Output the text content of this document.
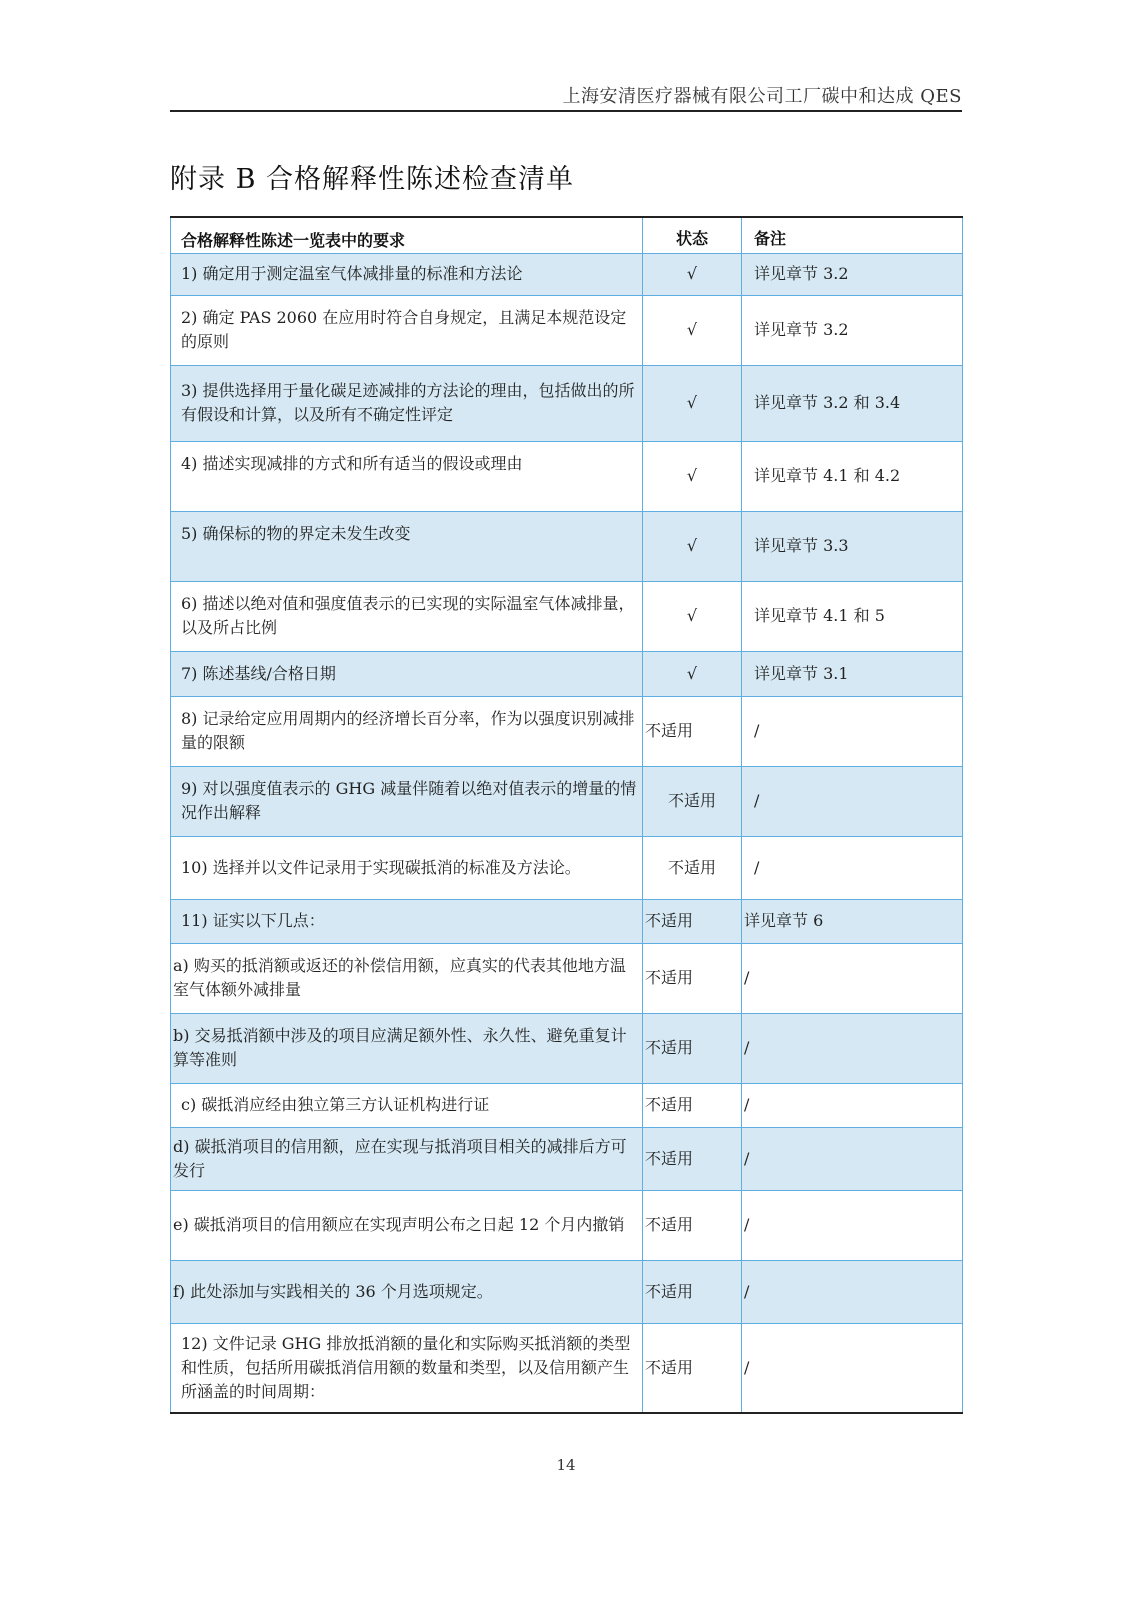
上海安清医疗器械有限公司工厂碳中和达成 QES
附录 B 合格解释性陈述检查清单
合格解释性陈述一览表中的要求	状态	备注
1) 确定用于测定温室气体减排量的标准和方法论	√	详见章节 3.2
2) 确定 PAS 2060 在应用时符合自身规定，且满足本规范设定的原则	√	详见章节 3.2
3) 提供选择用于量化碳足迹减排的方法论的理由，包括做出的所有假设和计算，以及所有不确定性评定	√	详见章节 3.2 和 3.4
4) 描述实现减排的方式和所有适当的假设或理由	√	详见章节 4.1 和 4.2
5) 确保标的物的界定未发生改变	√	详见章节 3.3
6) 描述以绝对值和强度值表示的已实现的实际温室气体减排量，以及所占比例	√	详见章节 4.1 和 5
7) 陈述基线/合格日期	√	详见章节 3.1
8) 记录给定应用周期内的经济增长百分率，作为以强度识别减排量的限额	不适用	/
9) 对以强度值表示的 GHG 减量伴随着以绝对值表示的增量的情况作出解释	不适用	/
10) 选择并以文件记录用于实现碳抵消的标准及方法论。	不适用	/
11) 证实以下几点：	不适用	详见章节 6
a) 购买的抵消额或返还的补偿信用额，应真实的代表其他地方温室气体额外减排量	不适用	/
b) 交易抵消额中涉及的项目应满足额外性、永久性、避免重复计算等准则	不适用	/
c) 碳抵消应经由独立第三方认证机构进行证	不适用	/
d) 碳抵消项目的信用额，应在实现与抵消项目相关的减排后方可发行	不适用	/
e) 碳抵消项目的信用额应在实现声明公布之日起 12 个月内撤销	不适用	/
f) 此处添加与实践相关的 36 个月选项规定。	不适用	/
12) 文件记录 GHG 排放抵消额的量化和实际购买抵消额的类型和性质，包括所用碳抵消信用额的数量和类型，以及信用额产生所涵盖的时间周期：	不适用	/
14
